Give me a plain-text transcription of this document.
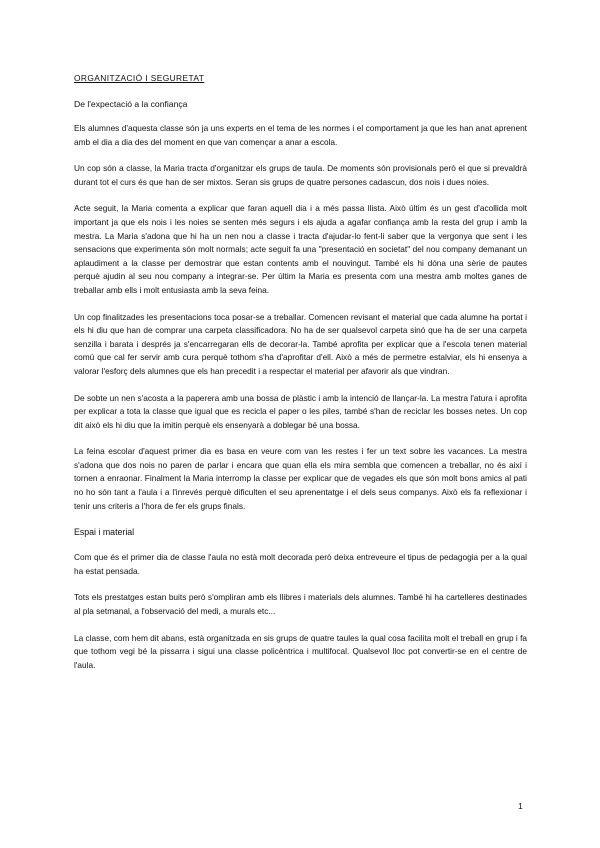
ORGANITZACIÓ I SEGURETAT
De l'expectació a la confiança

Els alumnes d'aquesta classe són ja uns experts en el tema de les normes i el comportament ja que les han anat aprenent amb el dia a dia des del moment en que van començar a anar a escola.

Un cop són a classe, la Maria tracta d'organitzar els grups de taula. De moments són provisionals però el que si prevaldrà durant tot el curs és que han de ser mixtos. Seran sis grups de quatre persones cadascun, dos nois i dues noies.

Acte seguit, la Maria comenta a explicar que faran aquell dia i a més passa llista. Això últim és un gest d'acollida molt important ja que els nois i les noies se senten més segurs i els ajuda a agafar confiança amb la resta del grup i amb la mestra. La Maria s'adona que hi ha un nen nou a classe i tracta d'ajudar-lo fent-li saber que la vergonya que sent i les sensacions que experimenta són molt normals; acte seguit fa una "presentació en societat" del nou company demanant un aplaudiment a la classe per demostrar que estan contents amb el nouvingut. També els hi dóna una sèrie de pautes perquè ajudin al seu nou company a integrar-se. Per últim la Maria es presenta com una mestra amb moltes ganes de treballar amb ells i molt entusiasta amb la seva feina.

Un cop finalitzades les presentacions toca posar-se a treballar. Comencen revisant el material que cada alumne ha portat i els hi diu que han de comprar una carpeta classificadora. No ha de ser qualsevol carpeta sinó que ha de ser una carpeta senzilla i barata i després ja s'encarregaran ells de decorar-la. També aprofita per explicar que a l'escola tenen material comú que cal fer servir amb cura perquè tothom s'ha d'aprofitar d'ell. Això a més de permetre estalviar, els hi ensenya a valorar l'esforç dels alumnes que els han precedit i a respectar el material per afavorir als que vindran.

De sobte un nen s'acosta a la paperera amb una bossa de plàstic i amb la intenció de llançar-la. La mestra l'atura i aprofita per explicar a tota la classe que igual que es recicla el paper o les piles, també s'han de reciclar les bosses netes. Un cop dit això els hi diu que la imitin perquè els ensenyarà a doblegar bé una bossa.

La feina escolar d'aquest primer dia es basa en veure com van les restes i fer un text sobre les vacances. La mestra s'adona que dos nois no paren de parlar i encara que quan ella els mira sembla que comencen a treballar, no és així i tornen a enraonar. Finalment la Maria interromp la classe per explicar que de vegades els que són molt bons amics al pati no ho són tant a l'aula i a l'inrevés perquè dificulten el seu aprenentatge i el dels seus companys. Això els fa reflexionar i tenir uns criteris a l'hora de fer els grups finals.

Espai i material

Com que és el primer dia de classe l'aula no està molt decorada però deixa entreveure el tipus de pedagogia per a la qual ha estat pensada.

Tots els prestatges estan buits però s'ompliran amb els llibres i materials dels alumnes. També hi ha cartelleres destinades al pla setmanal, a l'observació del medi, a murals etc...

La classe, com hem dit abans, està organitzada en sis grups de quatre taules la qual cosa facilita molt el treball en grup i fa que tothom vegi bé la pissarra i sigui una classe policèntrica i multifocal. Qualsevol lloc pot convertir-se en el centre de l'aula.

1
